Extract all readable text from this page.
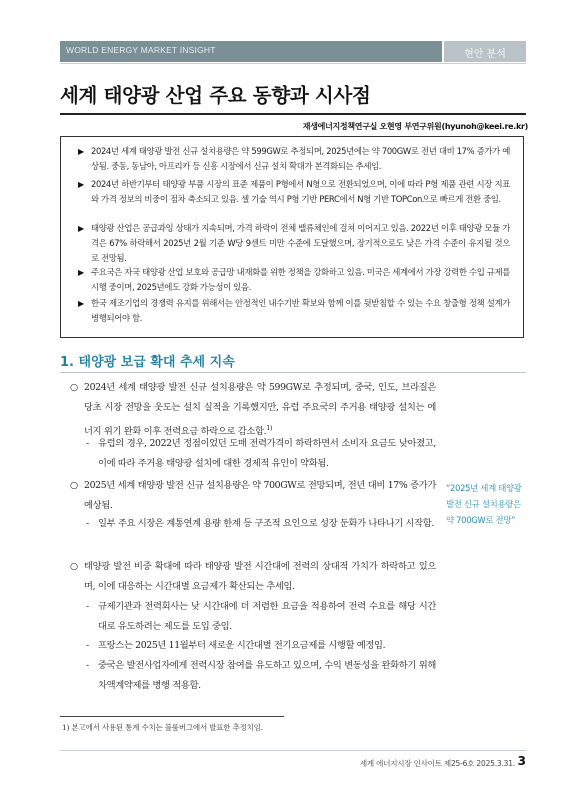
WORLD ENERGY MARKET INSIGHT	현안 분석
세계 태양광 산업 주요 동향과 시사점
재생에너지정책연구실 오현영 부연구위원(hyunoh@keei.re.kr)
▶ 2024년 세계 태양광 발전 신규 설치용량은 약 599GW로 추정되며, 2025년에는 약 700GW로 전년 대비 17% 증가가 예상됨. 중동, 동남아, 아프리카 등 신흥 시장에서 신규 설치 확대가 본격화되는 추세임.
▶ 2024년 하반기부터 태양광 부품 시장의 표준 제품이 P형에서 N형으로 전환되었으며, 이에 따라 P형 제품 관련 시장 지표와 가격 정보의 비중이 점차 축소되고 있음. 셀 기술 역시 P형 기반 PERC에서 N형 기반 TOPCon으로 빠르게 전환 중임.
▶ 태양광 산업은 공급과잉 상태가 지속되며, 가격 하락이 전체 밸류체인에 걸쳐 이어지고 있음. 2022년 이후 태양광 모듈 가격은 67% 하락해서 2025년 2월 기준 W당 9센트 미만 수준에 도달했으며, 장기적으로도 낮은 가격 수준이 유지될 것으로 전망됨.
▶ 주요국은 자국 태양광 산업 보호와 공급망 내재화를 위한 정책을 강화하고 있음. 미국은 세계에서 가장 강력한 수입 규제를 시행 중이며, 2025년에도 강화 가능성이 있음.
▶ 한국 제조기업의 경쟁력 유지를 위해서는 안정적인 내수기반 확보와 함께 이를 뒷받침할 수 있는 수요 창출형 정책 설계가 병행되어야 함.
1. 태양광 보급 확대 추세 지속
○ 2024년 세계 태양광 발전 신규 설치용량은 약 599GW로 추정되며, 중국, 인도, 브라질은 당초 시장 전망을 웃도는 설치 실적을 기록했지만, 유럽 주요국의 주거용 태양광 설치는 에너지 위기 완화 이후 전력요금 하락으로 감소함.$^{1)}$
- 유럽의 경우, 2022년 정점이었던 도매 전력가격이 하락하면서 소비자 요금도 낮아졌고, 이에 따라 주거용 태양광 설치에 대한 경제적 유인이 약화됨.
○ 2025년 세계 태양광 발전 신규 설치용량은 약 700GW로 전망되며, 전년 대비 17% 증가가 예상됨.
- 일부 주요 시장은 계통연계 용량 한계 등 구조적 요인으로 성장 둔화가 나타나기 시작함.
○ 태양광 발전 비중 확대에 따라 태양광 발전 시간대에 전력의 상대적 가치가 하락하고 있으며, 이에 대응하는 시간대별 요금제가 확산되는 추세임.
- 규제기관과 전력회사는 낮 시간대에 더 저렴한 요금을 적용하여 전력 수요를 해당 시간대로 유도하려는 제도를 도입 중임.
- 프랑스는 2025년 11월부터 새로운 시간대별 전기요금제를 시행할 예정임.
- 중국은 발전사업자에게 전력시장 참여를 유도하고 있으며, 수익 변동성을 완화하기 위해 차액계약제를 병행 적용함.
“2025년 세계 태양광 발전 신규 설치용량은 약 700GW로 전망”
1) 본고에서 사용된 통계 수치는 블룸버그에서 발표한 추정치임.
세계 에너지시장 인사이트 제25-6호 2025.3.31. 3
